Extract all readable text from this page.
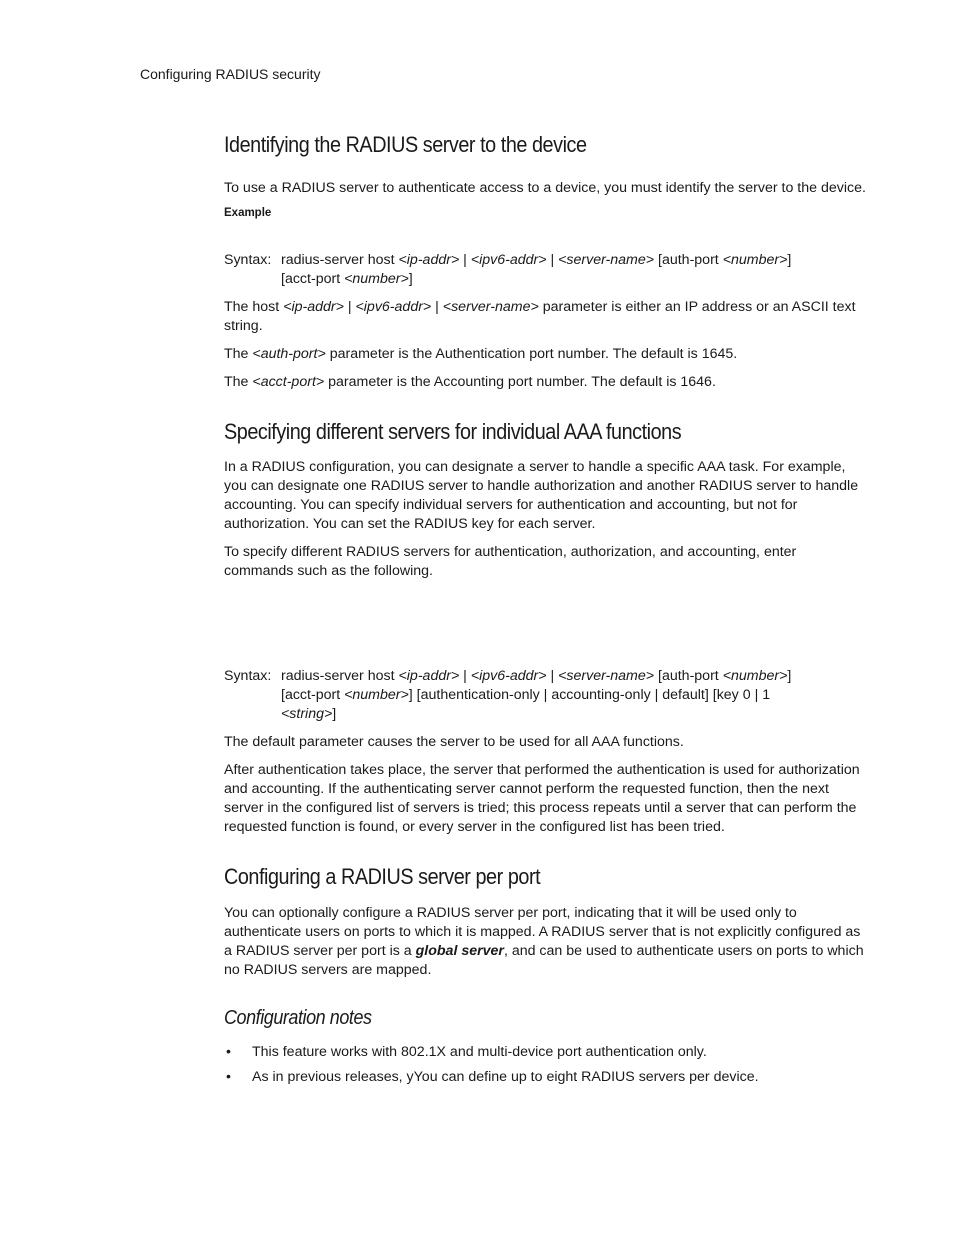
Configuring RADIUS security
Identifying the RADIUS server to the device

To use a RADIUS server to authenticate access to a device, you must identify the server to the device.

Example
Syntax: radius-server host <ip-addr> | <ipv6-addr> | <server-name> [auth-port <number>]
[acct-port <number>]

The host <ip-addr> | <ipv6-addr> | <server-name> parameter is either an IP address or an ASCII text string.

The <auth-port> parameter is the Authentication port number. The default is 1645.

The <acct-port> parameter is the Accounting port number. The default is 1646.

Specifying different servers for individual AAA functions

In a RADIUS configuration, you can designate a server to handle a specific AAA task. For example, you can designate one RADIUS server to handle authorization and another RADIUS server to handle accounting. You can specify individual servers for authentication and accounting, but not for authorization. You can set the RADIUS key for each server.

To specify different RADIUS servers for authentication, authorization, and accounting, enter commands such as the following.

Syntax: radius-server host <ip-addr> | <ipv6-addr> | <server-name> [auth-port <number>]
[acct-port <number>] [authentication-only | accounting-only | default] [key 0 | 1
<string>]

The default parameter causes the server to be used for all AAA functions.

After authentication takes place, the server that performed the authentication is used for authorization and accounting. If the authenticating server cannot perform the requested function, then the next server in the configured list of servers is tried; this process repeats until a server that can perform the requested function is found, or every server in the configured list has been tried.

Configuring a RADIUS server per port

You can optionally configure a RADIUS server per port, indicating that it will be used only to authenticate users on ports to which it is mapped. A RADIUS server that is not explicitly configured as a RADIUS server per port is a global server, and can be used to authenticate users on ports to which no RADIUS servers are mapped.

Configuration notes
• This feature works with 802.1X and multi-device port authentication only.
• As in previous releases, yYou can define up to eight RADIUS servers per device.
